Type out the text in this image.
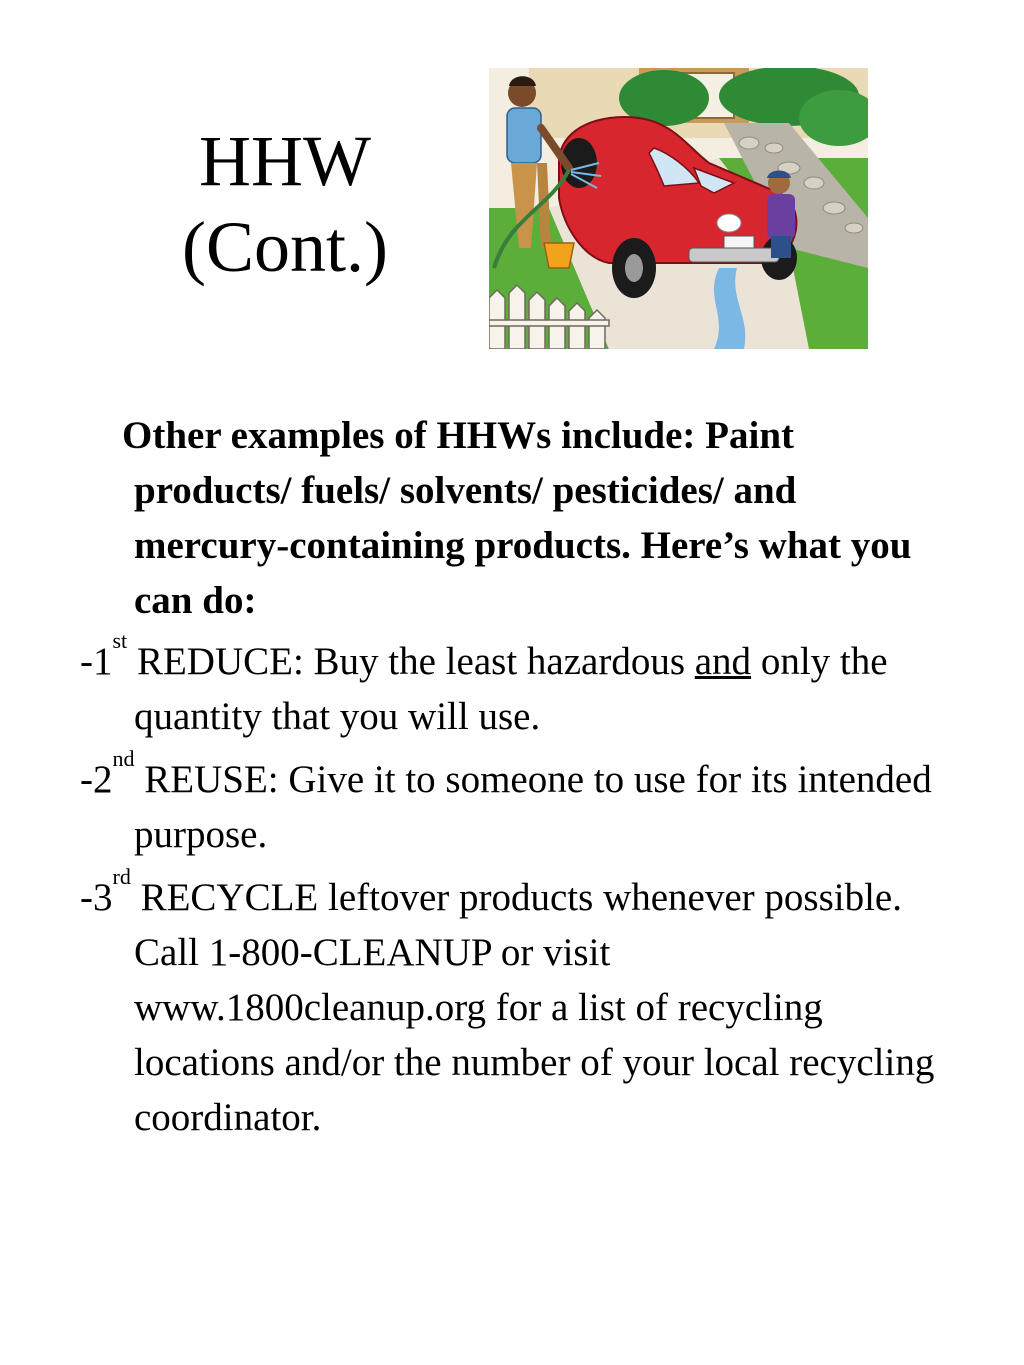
HHW
(Cont.)

Other examples of HHWs include: Paint products/ fuels/ solvents/ pesticides/ and mercury-containing products. Here’s what you can do:

-1st REDUCE: Buy the least hazardous and only the quantity that you will use.

-2nd REUSE: Give it to someone to use for its intended purpose.

-3rd RECYCLE leftover products whenever possible. Call 1-800-CLEANUP or visit www.1800cleanup.org for a list of recycling locations and/or the number of your local recycling coordinator.
